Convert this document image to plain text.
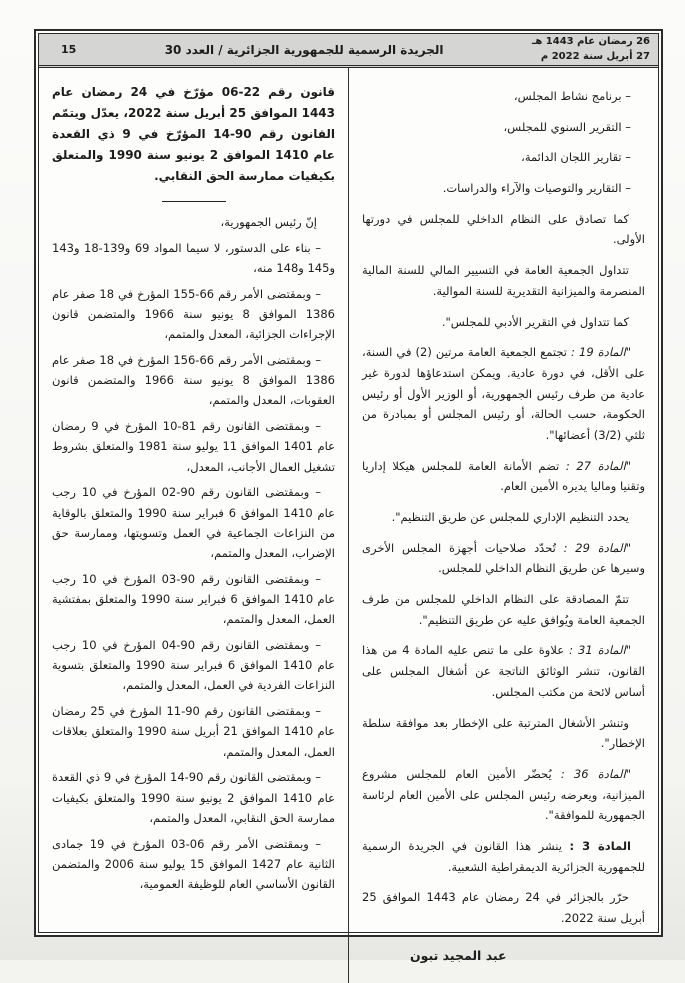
26 رمضان عام 1443 هـ
27 أبريل سنة 2022 م
الجريدة الرسمية للجمهورية الجزائرية / العدد 30
15

– برنامج نشاط المجلس،

– التقرير السنوي للمجلس،

– تقارير اللجان الدائمة،

– التقارير والتوصيات والآراء والدراسات.

كما تصادق على النظام الداخلي للمجلس في دورتها الأولى.

تتداول الجمعية العامة في التسيير المالي للسنة المالية المنصرمة والميزانية التقديرية للسنة الموالية.

كما تتداول في التقرير الأدبي للمجلس".

"المادة 19 : تجتمع الجمعية العامة مرتين (2) في السنة، على الأقل، في دورة عادية. ويمكن استدعاؤها لدورة غير عادية من طرف رئيس الجمهورية، أو الوزير الأول أو رئيس الحكومة، حسب الحالة، أو رئيس المجلس أو بمبادرة من ثلثي (3/2) أعضائها".

"المادة 27 : تضم الأمانة العامة للمجلس هيكلا إداريا وتقنيا وماليا يديره الأمين العام.

يحدد التنظيم الإداري للمجلس عن طريق التنظيم".

"المادة 29 : تُحدّد صلاحيات أجهزة المجلس الأخرى وسيرها عن طريق النظام الداخلي للمجلس.

تتمّ المصادقة على النظام الداخلي للمجلس من طرف الجمعية العامة ويُوافق عليه عن طريق التنظيم".

"المادة 31 : علاوة على ما تنص عليه المادة 4 من هذا القانون، تنشر الوثائق الناتجة عن أشغال المجلس على أساس لائحة من مكتب المجلس.

وتنشر الأشغال المترتبة على الإخطار بعد موافقة سلطة الإخطار".

"المادة 36 : يُحضّر الأمين العام للمجلس مشروع الميزانية، ويعرضه رئيس المجلس على الأمين العام لرئاسة الجمهورية للموافقة".

المادة 3 : ينشر هذا القانون في الجريدة الرسمية للجمهورية الجزائرية الديمقراطية الشعبية.

حرّر بالجزائر في 24 رمضان عام 1443 الموافق 25 أبريل سنة 2022.

عبد المجيد تبون

قانون رقم 22-06 مؤرّخ في 24 رمضان عام 1443 الموافق 25 أبريل سنة 2022، يعدّل ويتمّم القانون رقم 90-14 المؤرّخ في 9 ذي القعدة عام 1410 الموافق 2 يونيو سنة 1990 والمتعلق بكيفيات ممارسة الحق النقابي.

إنّ رئيس الجمهورية،

– بناء على الدستور، لا سيما المواد 69 و139-18 و143 و145 و148 منه،

– وبمقتضى الأمر رقم 66-155 المؤرخ في 18 صفر عام 1386 الموافق 8 يونيو سنة 1966 والمتضمن قانون الإجراءات الجزائية، المعدل والمتمم،

– وبمقتضى الأمر رقم 66-156 المؤرخ في 18 صفر عام 1386 الموافق 8 يونيو سنة 1966 والمتضمن قانون العقوبات، المعدل والمتمم،

– وبمقتضى القانون رقم 81-10 المؤرخ في 9 رمضان عام 1401 الموافق 11 يوليو سنة 1981 والمتعلق بشروط تشغيل العمال الأجانب، المعدل،

– وبمقتضى القانون رقم 90-02 المؤرخ في 10 رجب عام 1410 الموافق 6 فبراير سنة 1990 والمتعلق بالوقاية من النزاعات الجماعية في العمل وتسويتها، وممارسة حق الإضراب، المعدل والمتمم،

– وبمقتضى القانون رقم 90-03 المؤرخ في 10 رجب عام 1410 الموافق 6 فبراير سنة 1990 والمتعلق بمفتشية العمل، المعدل والمتمم،

– وبمقتضى القانون رقم 90-04 المؤرخ في 10 رجب عام 1410 الموافق 6 فبراير سنة 1990 والمتعلق بتسوية النزاعات الفردية في العمل، المعدل والمتمم،

– وبمقتضى القانون رقم 90-11 المؤرخ في 25 رمضان عام 1410 الموافق 21 أبريل سنة 1990 والمتعلق بعلاقات العمل، المعدل والمتمم،

– وبمقتضى القانون رقم 90-14 المؤرخ في 9 ذي القعدة عام 1410 الموافق 2 يونيو سنة 1990 والمتعلق بكيفيات ممارسة الحق النقابي، المعدل والمتمم،

– وبمقتضى الأمر رقم 06-03 المؤرخ في 19 جمادى الثانية عام 1427 الموافق 15 يوليو سنة 2006 والمتضمن القانون الأساسي العام للوظيفة العمومية،
